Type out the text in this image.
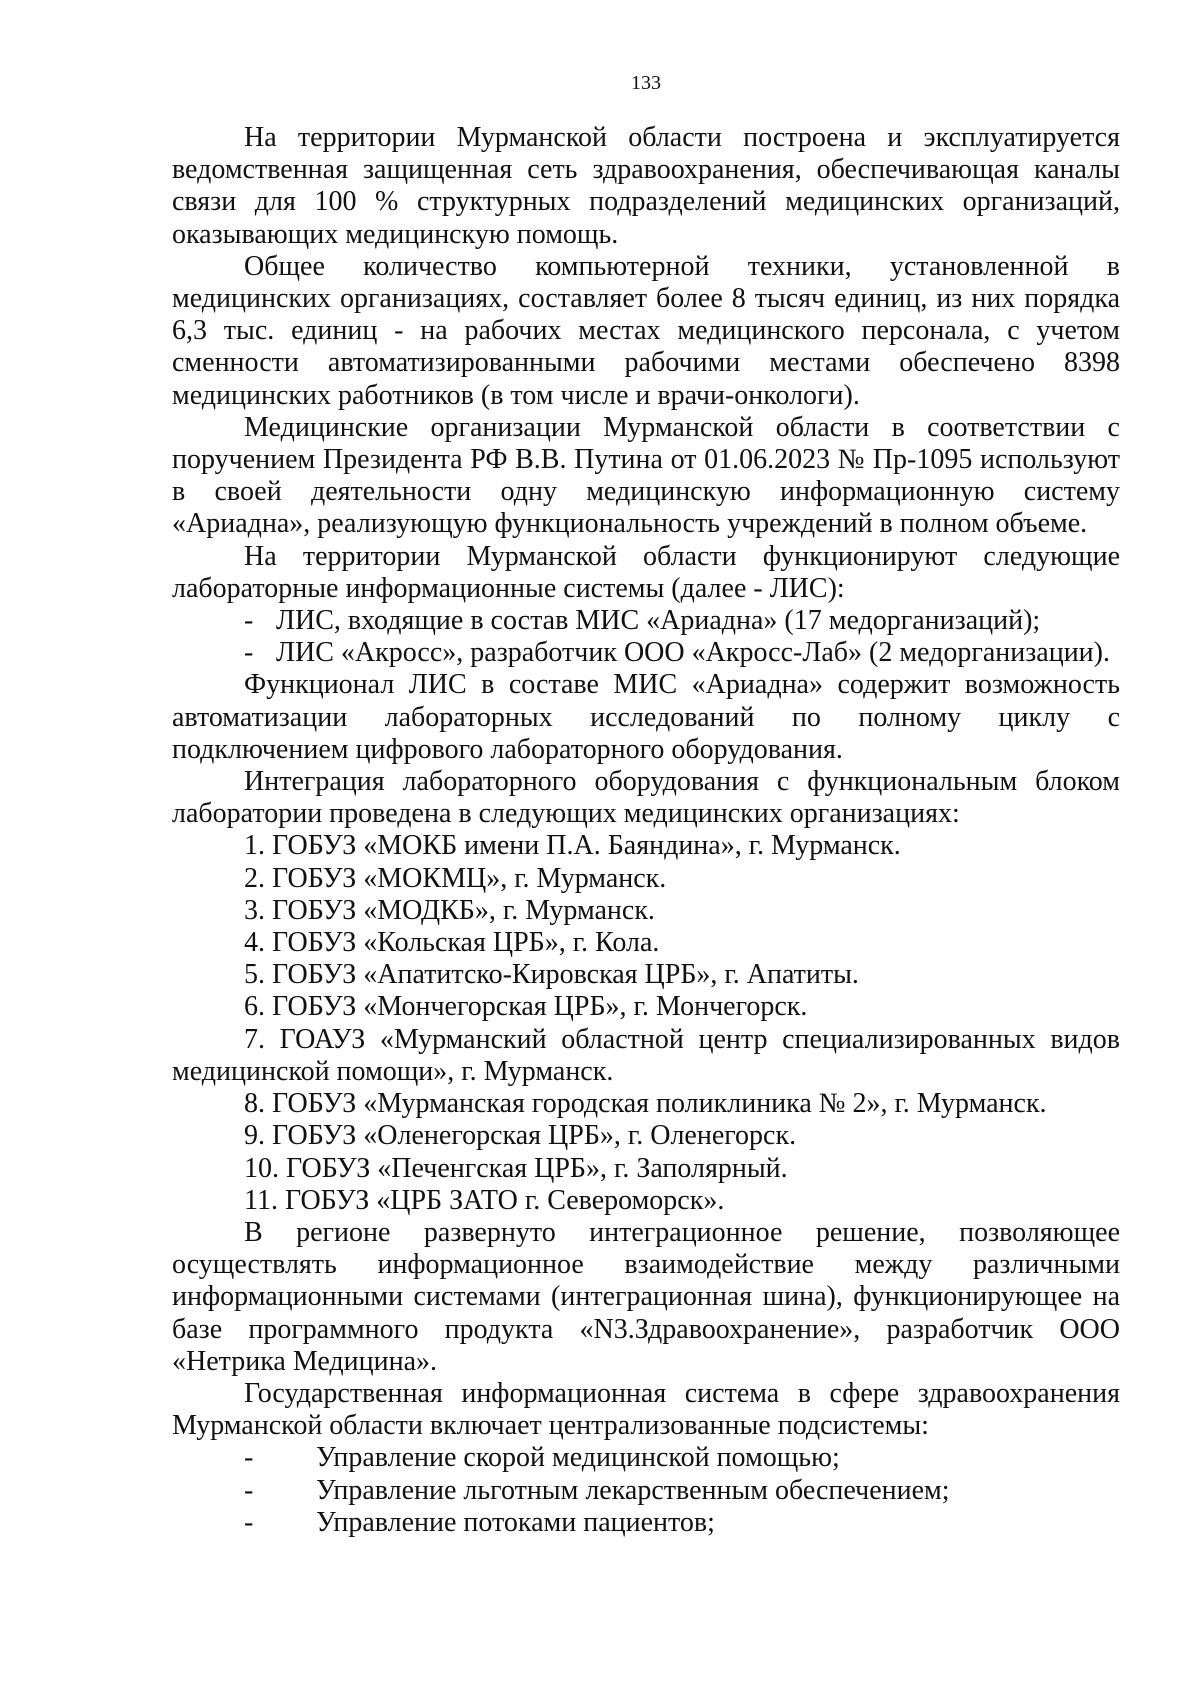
133

На территории Мурманской области построена и эксплуатируется ведомственная защищенная сеть здравоохранения, обеспечивающая каналы связи для 100 % структурных подразделений медицинских организаций, оказывающих медицинскую помощь.

Общее количество компьютерной техники, установленной в медицинских организациях, составляет более 8 тысяч единиц, из них порядка 6,3 тыс. единиц - на рабочих местах медицинского персонала, с учетом сменности автоматизированными рабочими местами обеспечено 8398 медицинских работников (в том числе и врачи-онкологи).

Медицинские организации Мурманской области в соответствии с поручением Президента РФ В.В. Путина от 01.06.2023 № Пр-1095 используют в своей деятельности одну медицинскую информационную систему «Ариадна», реализующую функциональность учреждений в полном объеме.

На территории Мурманской области функционируют следующие лабораторные информационные системы (далее - ЛИС):

- ЛИС, входящие в состав МИС «Ариадна» (17 медорганизаций);

- ЛИС «Акросс», разработчик ООО «Акросс-Лаб» (2 медорганизации).

Функционал ЛИС в составе МИС «Ариадна» содержит возможность автоматизации лабораторных исследований по полному циклу с подключением цифрового лабораторного оборудования.

Интеграция лабораторного оборудования с функциональным блоком лаборатории проведена в следующих медицинских организациях:

1. ГОБУЗ «МОКБ имени П.А. Баяндина», г. Мурманск.

2. ГОБУЗ «МОКМЦ», г. Мурманск.

3. ГОБУЗ «МОДКБ», г. Мурманск.

4. ГОБУЗ «Кольская ЦРБ», г. Кола.

5. ГОБУЗ «Апатитско-Кировская ЦРБ», г. Апатиты.

6. ГОБУЗ «Мончегорская ЦРБ», г. Мончегорск.

7. ГОАУЗ «Мурманский областной центр специализированных видов медицинской помощи», г. Мурманск.

8. ГОБУЗ «Мурманская городская поликлиника № 2», г. Мурманск.

9. ГОБУЗ «Оленегорская ЦРБ», г. Оленегорск.

10. ГОБУЗ «Печенгская ЦРБ», г. Заполярный.

11. ГОБУЗ «ЦРБ ЗАТО г. Североморск».

В регионе развернуто интеграционное решение, позволяющее осуществлять информационное взаимодействие между различными информационными системами (интеграционная шина), функционирующее на базе программного продукта «N3.Здравоохранение», разработчик ООО «Нетрика Медицина».

Государственная информационная система в сфере здравоохранения Мурманской области включает централизованные подсистемы:

- Управление скорой медицинской помощью;

- Управление льготным лекарственным обеспечением;

- Управление потоками пациентов;
